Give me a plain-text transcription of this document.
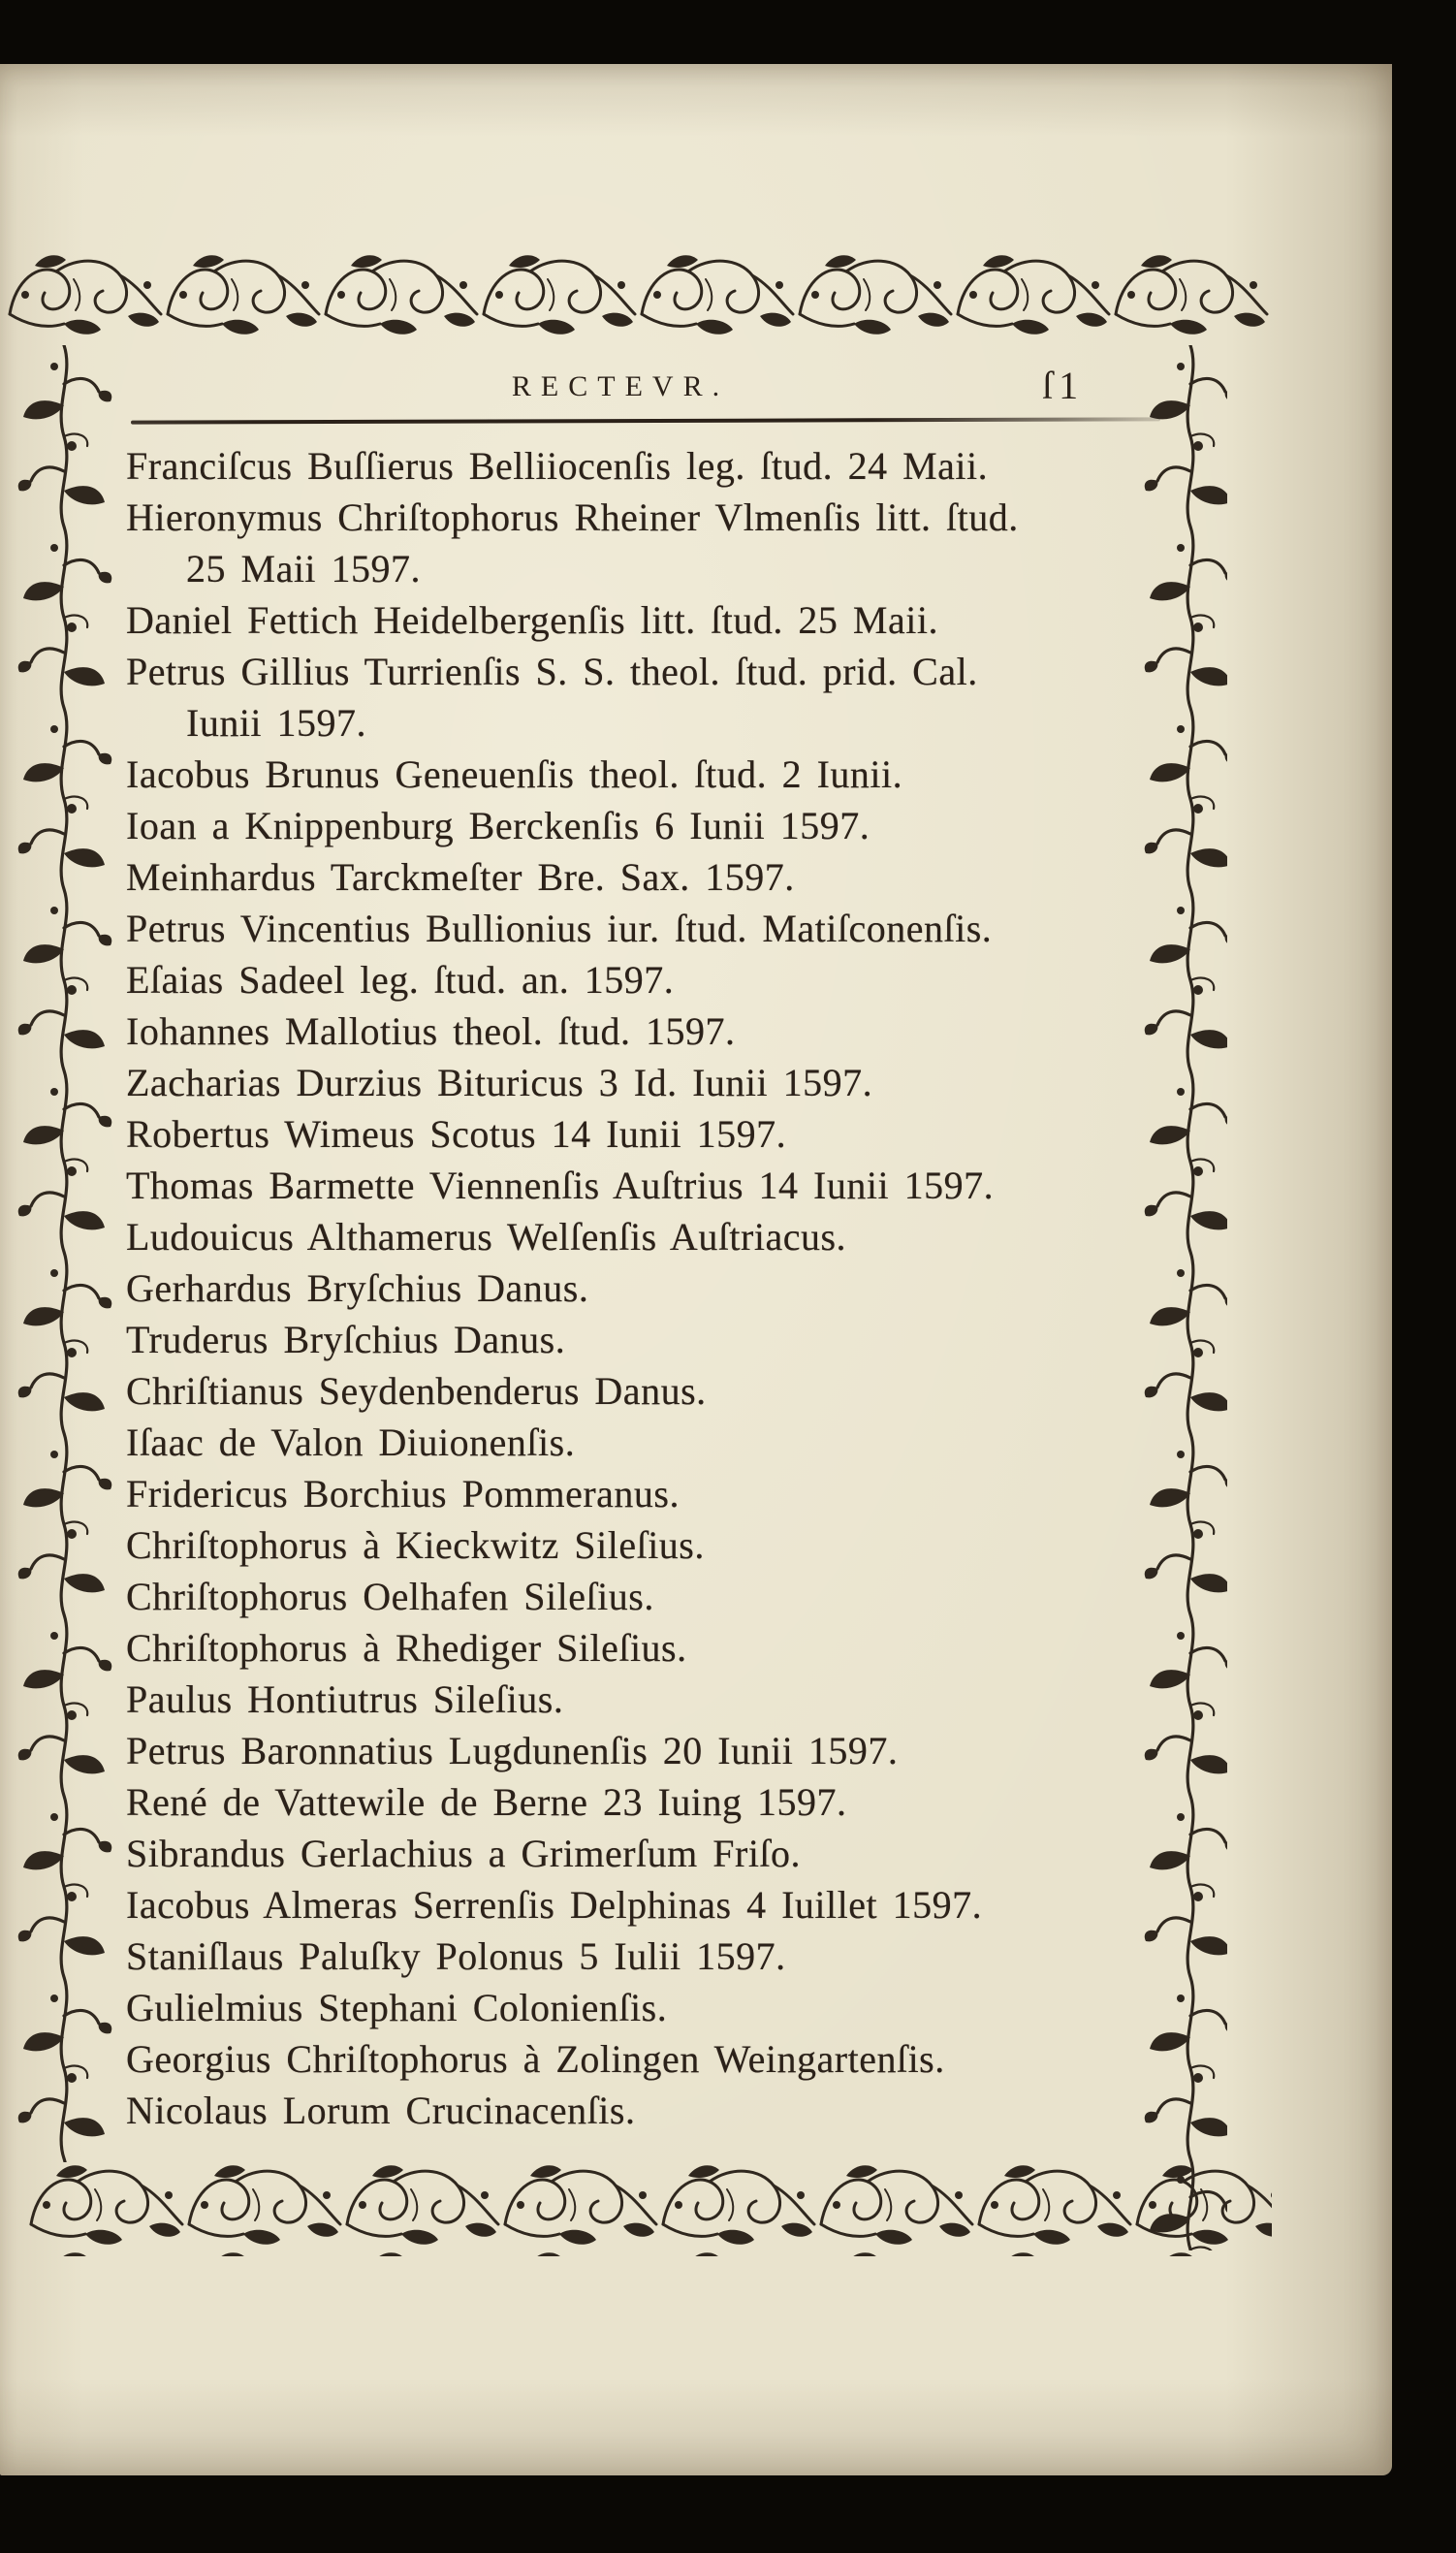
RECTEVR.	ſ1
Franciſcus Buſſierus Belliiocenſis leg. ſtud. 24 Maii.
Hieronymus Chriſtophorus Rheiner Vlmenſis litt. ſtud.
25 Maii 1597.
Daniel Fettich Heidelbergenſis litt. ſtud. 25 Maii.
Petrus Gillius Turrienſis S. S. theol. ſtud. prid. Cal.
Iunii 1597.
Iacobus Brunus Geneuenſis theol. ſtud. 2 Iunii.
Ioan a Knippenburg Berckenſis 6 Iunii 1597.
Meinhardus Tarckmeſter Bre. Sax. 1597.
Petrus Vincentius Bullionius iur. ſtud. Matiſconenſis.
Eſaias Sadeel leg. ſtud. an. 1597.
Iohannes Mallotius theol. ſtud. 1597.
Zacharias Durzius Bituricus 3 Id. Iunii 1597.
Robertus Wimeus Scotus 14 Iunii 1597.
Thomas Barmette Viennenſis Auſtrius 14 Iunii 1597.
Ludouicus Althamerus Welſenſis Auſtriacus.
Gerhardus Bryſchius Danus.
Truderus Bryſchius Danus.
Chriſtianus Seydenbenderus Danus.
Iſaac de Valon Diuionenſis.
Fridericus Borchius Pommeranus.
Chriſtophorus à Kieckwitz Sileſius.
Chriſtophorus Oelhafen Sileſius.
Chriſtophorus à Rhediger Sileſius.
Paulus Hontiutrus Sileſius.
Petrus Baronnatius Lugdunenſis 20 Iunii 1597.
René de Vattewile de Berne 23 Iuing 1597.
Sibrandus Gerlachius a Grimerſum Friſo.
Iacobus Almeras Serrenſis Delphinas 4 Iuillet 1597.
Staniſlaus Paluſky Polonus 5 Iulii 1597.
Gulielmius Stephani Colonienſis.
Georgius Chriſtophorus à Zolingen Weingartenſis.
Nicolaus Lorum Crucinacenſis.
